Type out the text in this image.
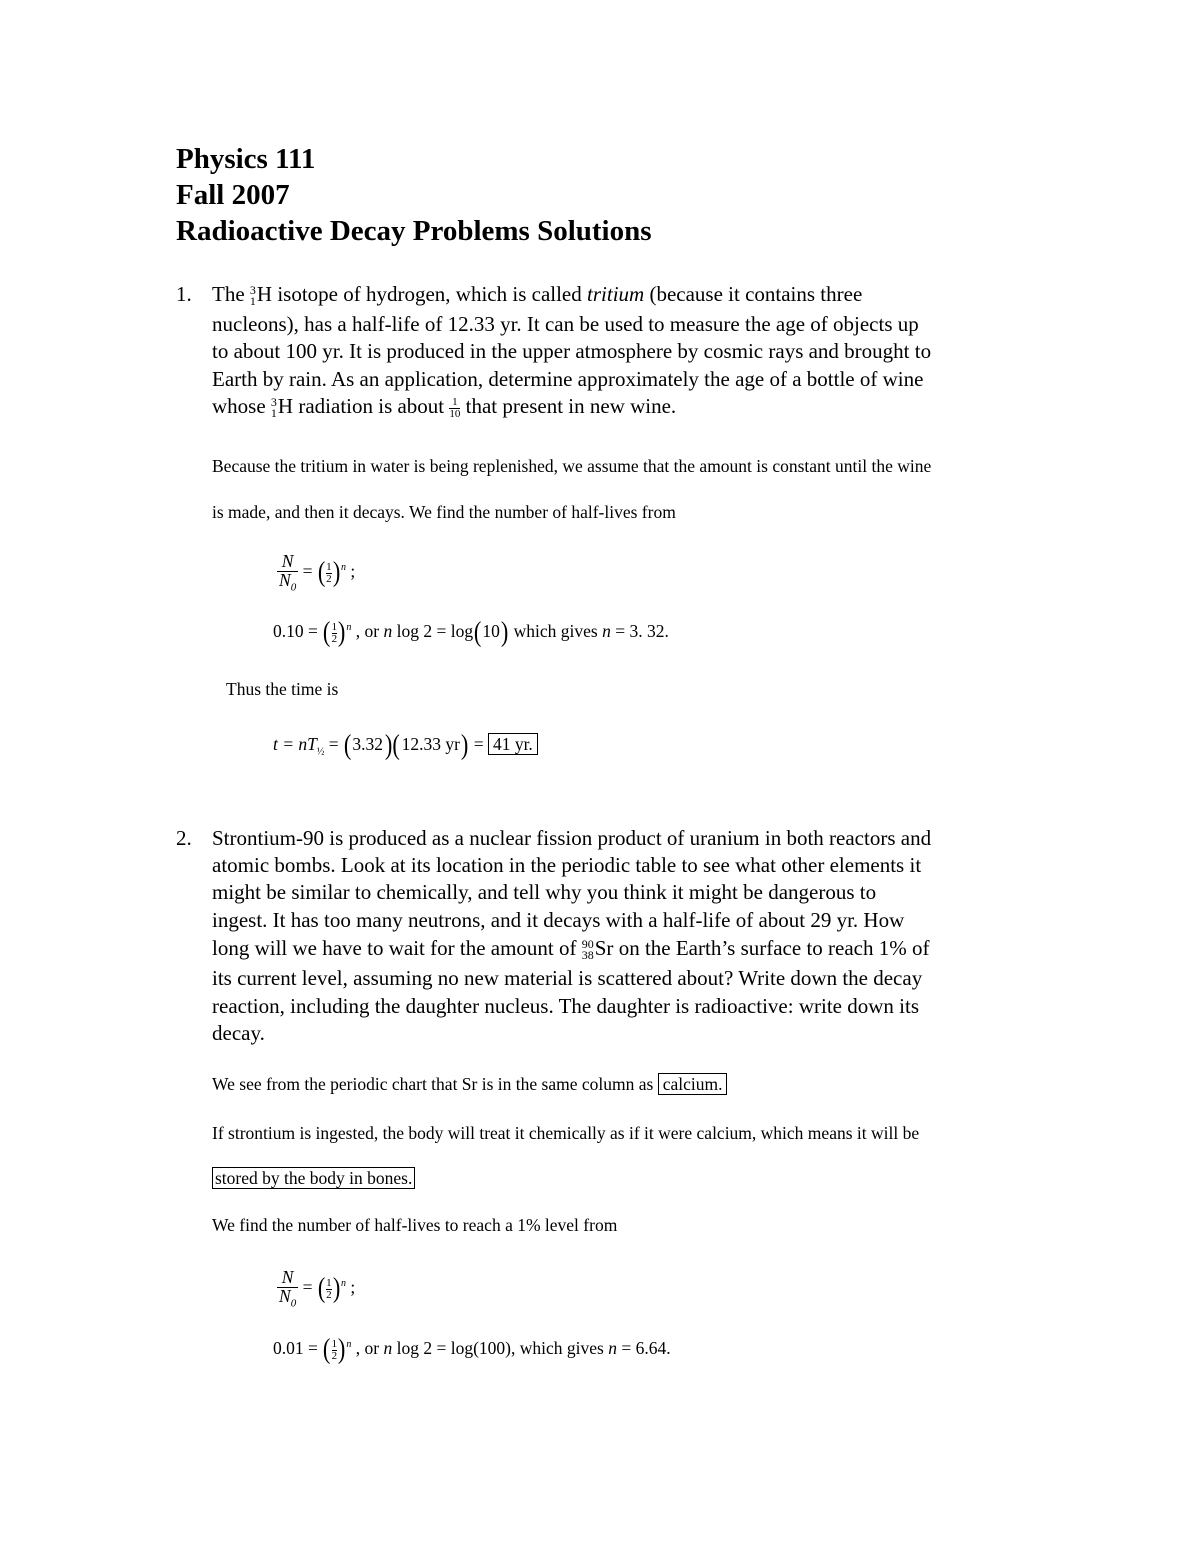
Physics 111
Fall 2007
Radioactive Decay Problems Solutions
1. The 3
1 H isotope of hydrogen, which is called tritium (because it contains three
nucleons), has a half-life of 12.33 yr. It can be used to measure the age of objects up
to about 100 yr. It is produced in the upper atmosphere by cosmic rays and brought to
Earth by rain. As an application, determine approximately the age of a bottle of wine
whose 3
1 H radiation is about $\frac{1}{10}$ that present in new wine.
Because the tritium in water is being replenished, we assume that the amount is constant until the wine
is made, and then it decays. We find the number of half-lives from
$\frac{N}{N_0}$ = ( $\frac{1}{2} )^n$ ;
0.10 = ( $\frac{1}{2} )^n$ , or n log 2 = log(10) which gives n = 3. 32.
Thus the time is
$t = nT_{\frac{1}{2}} = (3.32)$( 12.33 yr) = 41 yr.
2. Strontium-90 is produced as a nuclear fission product of uranium in both reactors and
atomic bombs. Look at its location in the periodic table to see what other elements it
might be similar to chemically, and tell why you think it might be dangerous to
ingest. It has too many neutrons, and it decays with a half-life of about 29 yr. How
long will we have to wait for the amount of 90
38 Sr on the Earth’s surface to reach 1% of
its current level, assuming no new material is scattered about? Write down the decay
reaction, including the daughter nucleus. The daughter is radioactive: write down its
decay.
We see from the periodic chart that Sr is in the same column as calcium.
If strontium is ingested, the body will treat it chemically as if it were calcium, which means it will be
stored by the body in bones.
We find the number of half-lives to reach a 1% level from
$\frac{N}{N_0}$ = ( $\frac{1}{2} )^n$ ;
0.01 = ( $\frac{1}{2} )^n$ , or n log 2 = log(100), which gives n = 6.64.
